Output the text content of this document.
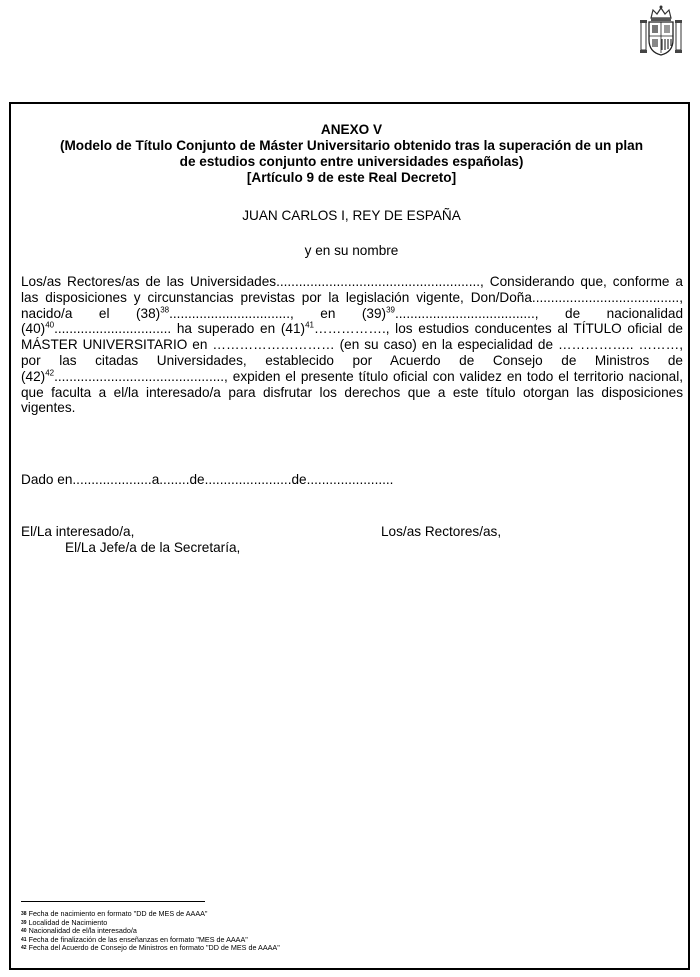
ANEXO V
(Modelo de Título Conjunto de Máster Universitario obtenido tras la superación de un plan
de estudios conjunto entre universidades españolas)
[Artículo 9 de este Real Decreto]
JUAN CARLOS I, REY DE ESPAÑA
y en su nombre
Los/as Rectores/as de las Universidades......................................................, Considerando que, conforme a las disposiciones y circunstancias previstas por la legislación vigente, Don/Doña......................................., nacido/a el $(38)^{38}$................................, en $(39)^{39}$....................................., de nacionalidad $(40)^{40}$............................... ha superado en $(41)^{41}\dots\dots\dots\dots\dots$., los estudios conducentes al TÍTULO oficial de MÁSTER UNIVERSITARIO en ……………………… (en su caso) en la especialidad de …………….. ………, por las citadas Universidades, establecido por Acuerdo de Consejo de Ministros de $(42)^{42}$............................................., expiden el presente título oficial con validez en todo el territorio nacional, que faculta a el/la interesado/a para disfrutar los derechos que a este título otorgan las disposiciones vigentes.
Dado en.....................a........de.......................de.......................
El/La interesado/a,
El/La Jefe/a de la Secretaría,
Los/as Rectores/as,
$^{38}$ Fecha de nacimiento en formato "DD de MES de AAAA"
$^{39}$ Localidad de Nacimiento
$^{40}$ Nacionalidad de el/la interesado/a
$^{41}$ Fecha de finalización de las enseñanzas en formato "MES de AAAA"
$^{42}$ Fecha del Acuerdo de Consejo de Ministros en formato "DD de MES de AAAA"
